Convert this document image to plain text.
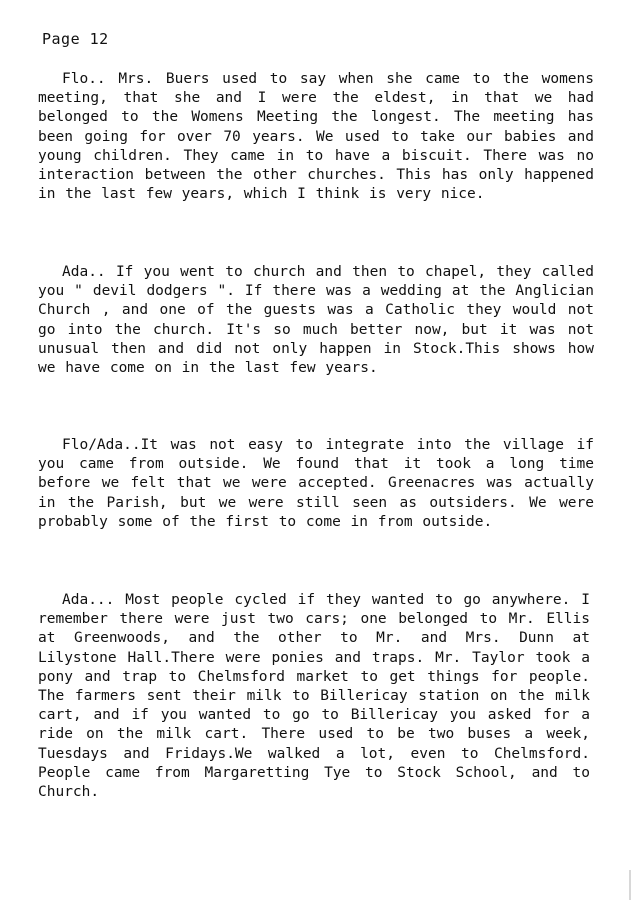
Page 12
Flo.. Mrs. Buers used to say when she came to the womens meeting, that she and I were the eldest, in that we had belonged to the Womens Meeting the longest. The meeting has been going for over 70 years. We used to take our babies and young children. They came in to have a biscuit. There was no interaction between the other churches. This has only happened in the last few years, which I think is very nice.
Ada.. If you went to church and then to chapel, they called you " devil dodgers ". If there was a wedding at the Anglician Church , and one of the guests was a Catholic they would not go into the church. It's so much better now, but it was not unusual then and did not only happen in Stock.This shows how we have come on in the last few years.
Flo/Ada..It was not easy to integrate into the village if you came from outside. We found that it took a long time before we felt that we were accepted. Greenacres was actually in the Parish, but we were still seen as outsiders. We were probably some of the first to come in from outside.
Ada... Most people cycled if they wanted to go anywhere. I remember there were just two cars; one belonged to Mr. Ellis at Greenwoods, and the other to Mr. and Mrs. Dunn at Lilystone Hall.There were ponies and traps. Mr. Taylor took a pony and trap to Chelmsford market to get things for people. The farmers sent their milk to Billericay station on the milk cart, and if you wanted to go to Billericay you asked for a ride on the milk cart. There used to be two buses a week, Tuesdays and Fridays.We walked a lot, even to Chelmsford. People came from Margaretting Tye to Stock School, and to Church.
